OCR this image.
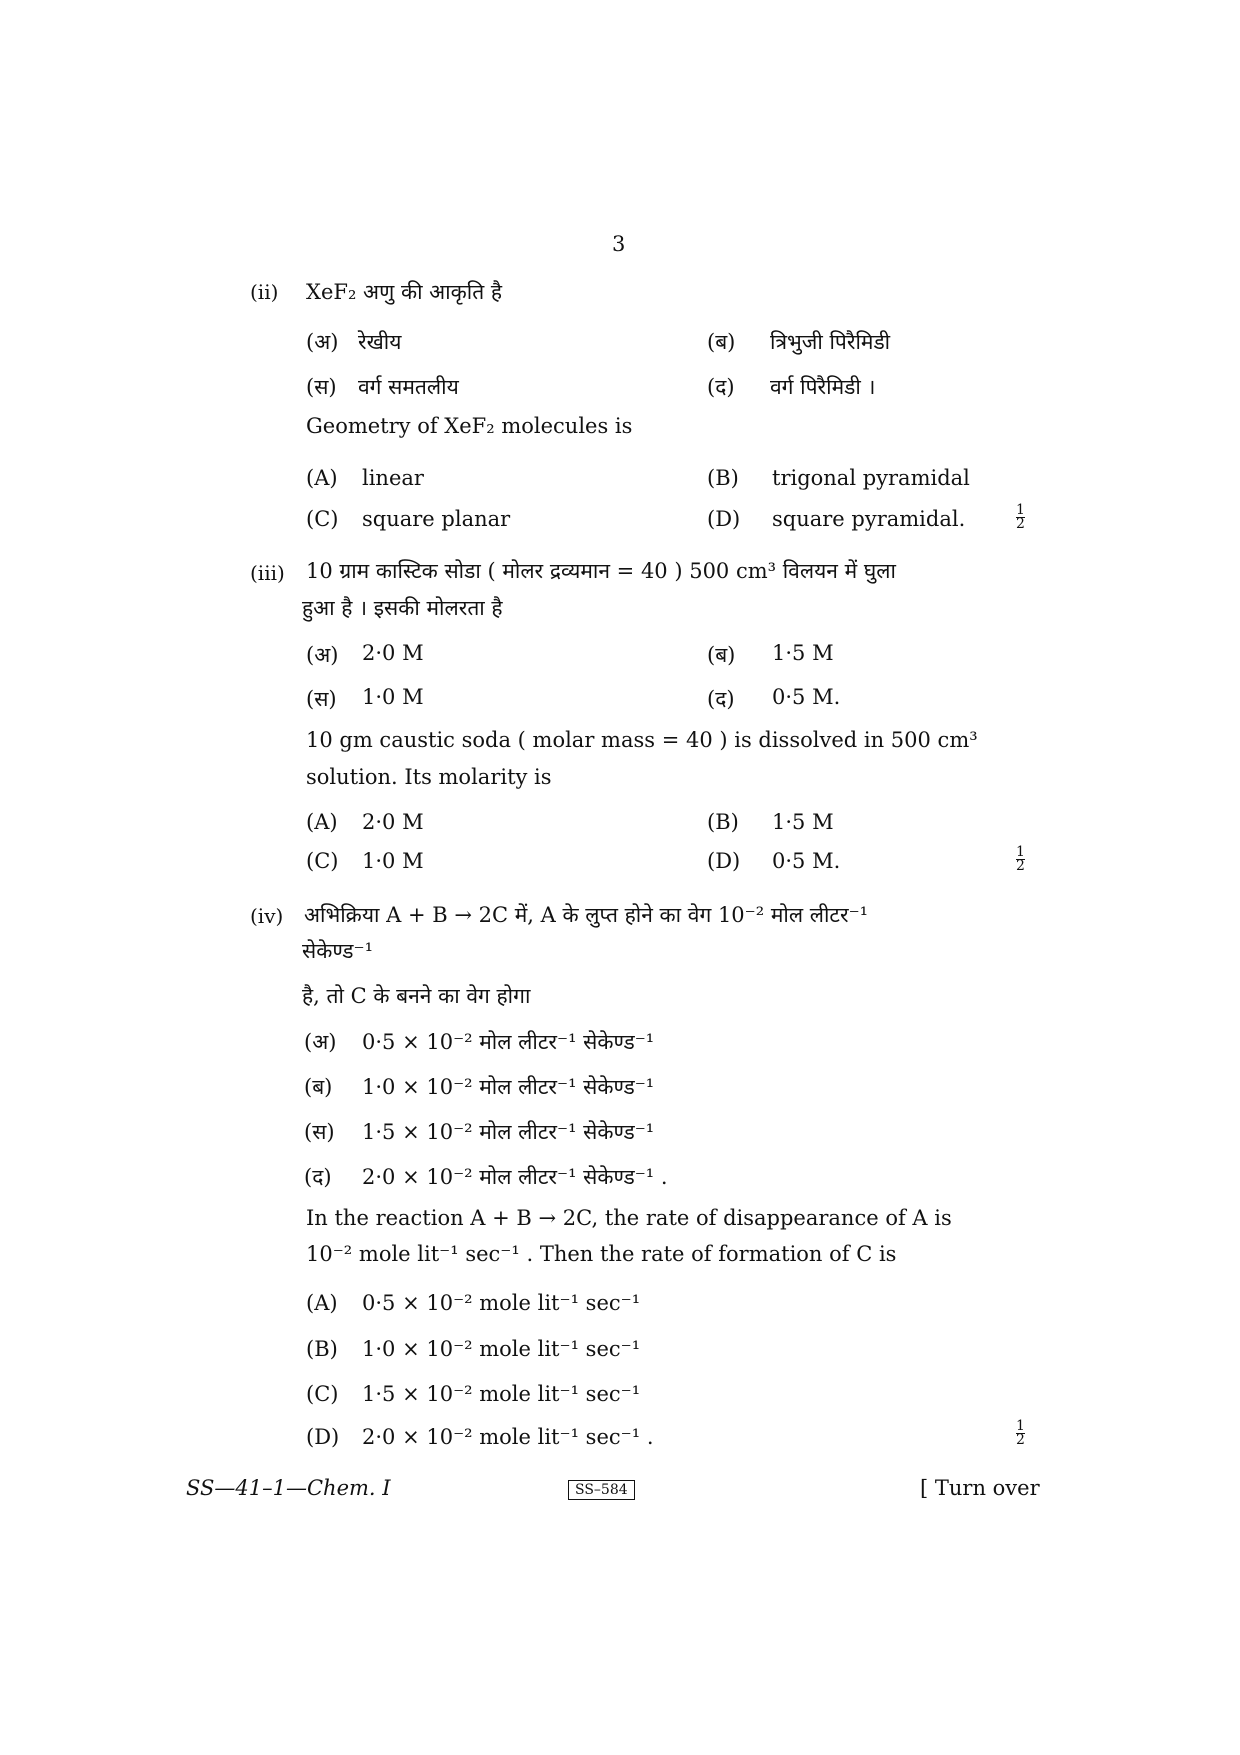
3
(ii) XeF₂ अणु की आकृति है
(अ) रेखीय	(ब) त्रिभुजी पिरैमिडी
(स) वर्ग समतलीय	(द) वर्ग पिरैमिडी ।
Geometry of XeF₂ molecules is
(A) linear	(B) trigonal pyramidal
(C) square planar	(D) square pyramidal.	$\frac{1}{2}$
(iii) 10 ग्राम कास्टिक सोडा ( मोलर द्रव्यमान = 40 ) 500 cm³ विलयन में घुला
हुआ है । इसकी मोलरता है
(अ) 2·0 M	(ब) 1·5 M
(स) 1·0 M	(द) 0·5 M.
10 gm caustic soda ( molar mass = 40 ) is dissolved in 500 cm³
solution. Its molarity is
(A) 2·0 M	(B) 1·5 M
(C) 1·0 M	(D) 0·5 M.	$\frac{1}{2}$
(iv) अभिक्रिया A + B → 2C में, A के लुप्त होने का वेग 10⁻² मोल लीटर⁻¹
सेकेण्ड⁻¹
है, तो C के बनने का वेग होगा
(अ) 0·5 × 10⁻² मोल लीटर⁻¹ सेकेण्ड⁻¹
(ब) 1·0 × 10⁻² मोल लीटर⁻¹ सेकेण्ड⁻¹
(स) 1·5 × 10⁻² मोल लीटर⁻¹ सेकेण्ड⁻¹
(द) 2·0 × 10⁻² मोल लीटर⁻¹ सेकेण्ड⁻¹ .
In the reaction A + B → 2C, the rate of disappearance of A is
10⁻² mole lit⁻¹ sec⁻¹ . Then the rate of formation of C is
(A) 0·5 × 10⁻² mole lit⁻¹ sec⁻¹
(B) 1·0 × 10⁻² mole lit⁻¹ sec⁻¹
(C) 1·5 × 10⁻² mole lit⁻¹ sec⁻¹
(D) 2·0 × 10⁻² mole lit⁻¹ sec⁻¹ .	$\frac{1}{2}$
SS—41–1—Chem. I	SS–584	[ Turn over
